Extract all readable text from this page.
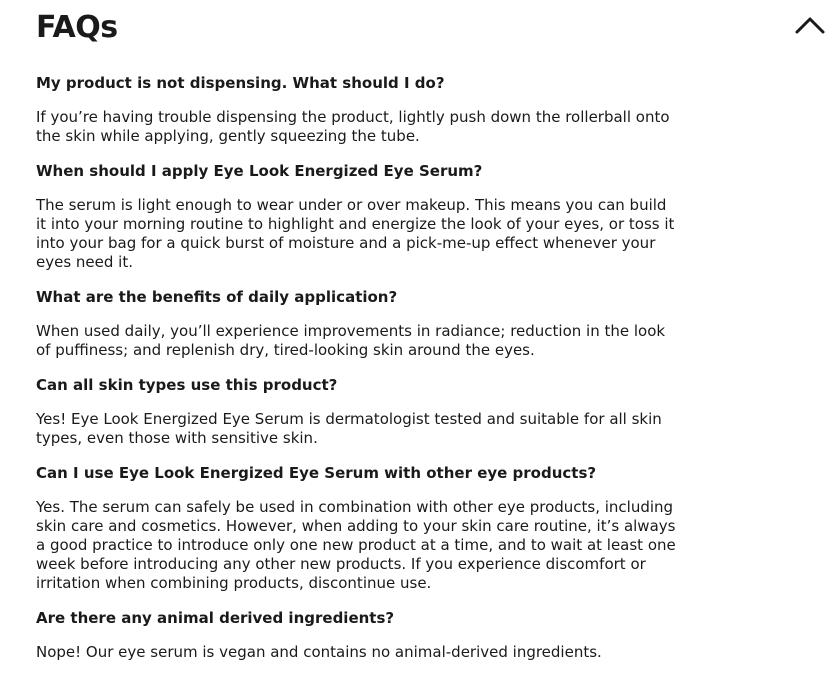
FAQs

My product is not dispensing. What should I do?

If you’re having trouble dispensing the product, lightly push down the rollerball onto the skin while applying, gently squeezing the tube.

When should I apply Eye Look Energized Eye Serum?

The serum is light enough to wear under or over makeup. This means you can build it into your morning routine to highlight and energize the look of your eyes, or toss it into your bag for a quick burst of moisture and a pick-me-up effect whenever your eyes need it.

What are the benefits of daily application?

When used daily, you’ll experience improvements in radiance; reduction in the look of puffiness; and replenish dry, tired-looking skin around the eyes.

Can all skin types use this product?

Yes! Eye Look Energized Eye Serum is dermatologist tested and suitable for all skin types, even those with sensitive skin.

Can I use Eye Look Energized Eye Serum with other eye products?

Yes. The serum can safely be used in combination with other eye products, including skin care and cosmetics. However, when adding to your skin care routine, it’s always a good practice to introduce only one new product at a time, and to wait at least one week before introducing any other new products. If you experience discomfort or irritation when combining products, discontinue use.

Are there any animal derived ingredients?

Nope! Our eye serum is vegan and contains no animal-derived ingredients.
